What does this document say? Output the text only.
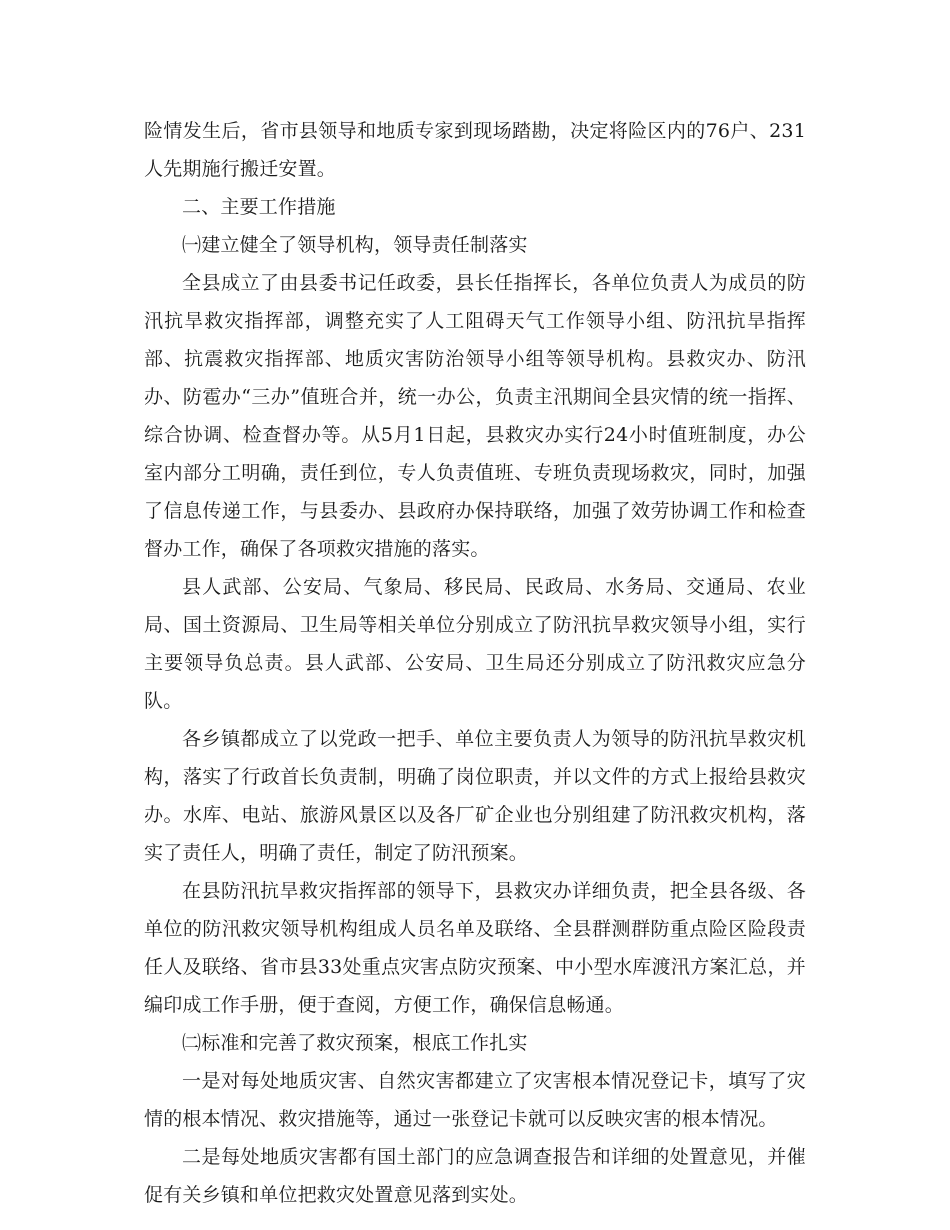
险情发生后，省市县领导和地质专家到现场踏勘，决定将险区内的76户、231人先期施行搬迁安置。

二、主要工作措施

㈠建立健全了领导机构，领导责任制落实

全县成立了由县委书记任政委，县长任指挥长，各单位负责人为成员的防汛抗旱救灾指挥部，调整充实了人工阻碍天气工作领导小组、防汛抗旱指挥部、抗震救灾指挥部、地质灾害防治领导小组等领导机构。县救灾办、防汛办、防雹办“三办”值班合并，统一办公，负责主汛期间全县灾情的统一指挥、综合协调、检查督办等。从5月1日起，县救灾办实行24小时值班制度，办公室内部分工明确，责任到位，专人负责值班、专班负责现场救灾，同时，加强了信息传递工作，与县委办、县政府办保持联络，加强了效劳协调工作和检查督办工作，确保了各项救灾措施的落实。

县人武部、公安局、气象局、移民局、民政局、水务局、交通局、农业局、国土资源局、卫生局等相关单位分别成立了防汛抗旱救灾领导小组，实行主要领导负总责。县人武部、公安局、卫生局还分别成立了防汛救灾应急分队。

各乡镇都成立了以党政一把手、单位主要负责人为领导的防汛抗旱救灾机构，落实了行政首长负责制，明确了岗位职责，并以文件的方式上报给县救灾办。水库、电站、旅游风景区以及各厂矿企业也分别组建了防汛救灾机构，落实了责任人，明确了责任，制定了防汛预案。

在县防汛抗旱救灾指挥部的领导下，县救灾办详细负责，把全县各级、各单位的防汛救灾领导机构组成人员名单及联络、全县群测群防重点险区险段责任人及联络、省市县33处重点灾害点防灾预案、中小型水库渡汛方案汇总，并编印成工作手册，便于查阅，方便工作，确保信息畅通。

㈡标准和完善了救灾预案，根底工作扎实

一是对每处地质灾害、自然灾害都建立了灾害根本情况登记卡，填写了灾情的根本情况、救灾措施等，通过一张登记卡就可以反映灾害的根本情况。

二是每处地质灾害都有国土部门的应急调查报告和详细的处置意见，并催促有关乡镇和单位把救灾处置意见落到实处。
